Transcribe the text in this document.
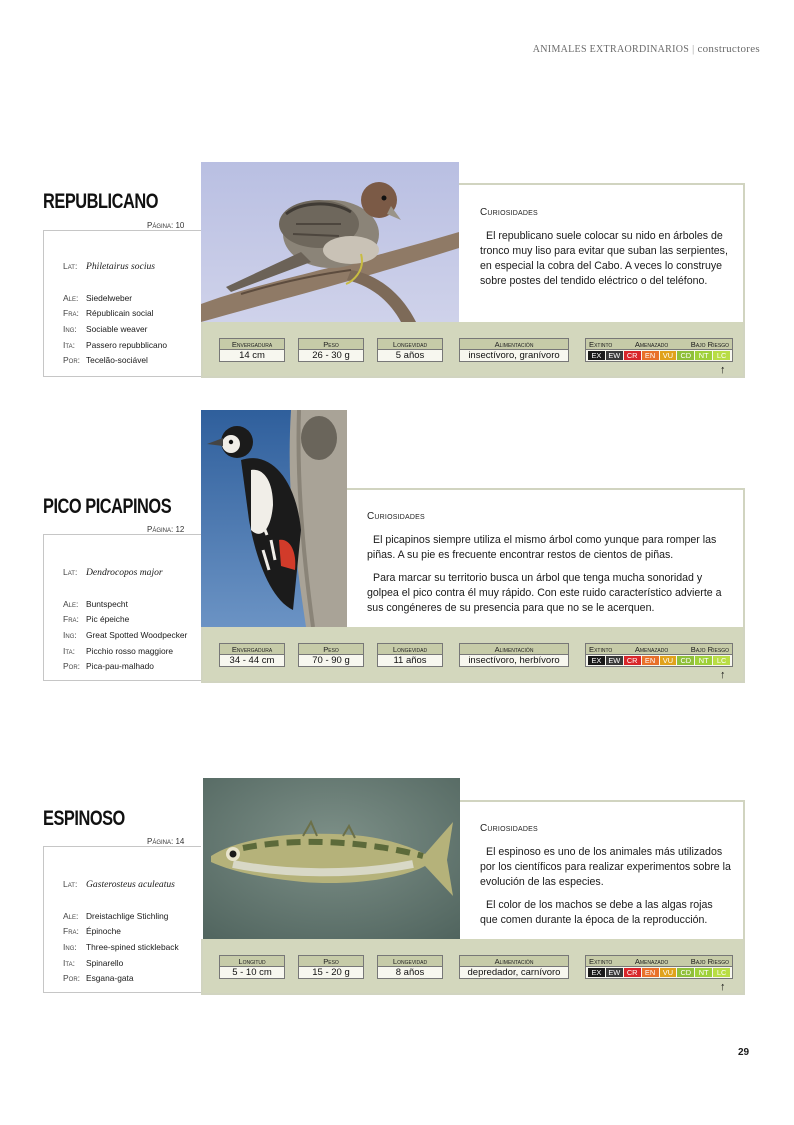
ANIMALES EXTRAORDINARIOS | constructores
REPUBLICANO
Página: 10
Lat: Philetairus socius
Ale: Siedelweber
Fra: Républicain social
Ing:	Sociable weaver
Ita:	Passero repubblicano
Por: Tecelão-sociável
Curiosidades

El republicano suele colocar su nido en árboles de tronco muy liso para evitar que suban las serpientes, en especial la cobra del Cabo. A veces lo construye sobre postes del tendido eléctrico o del teléfono.

Envergadura
14 cm
Peso
26 - 30 g
Longevidad
5 años
Alimentación
insectívoro, granívoro
Extinto	Amenazado	Bajo Riesgo
EX EW CR EN	VU CD	NT	LC
↑
PICO PICAPINOS
Página: 12
Lat: Dendrocopos major
Ale: Buntspecht
Fra: Pic épeiche
Ing:	Great Spotted Woodpecker
Ita:	Picchio rosso maggiore
Por: Pica-pau-malhado
Curiosidades

El picapinos siempre utiliza el mismo árbol como yunque para romper las piñas. A su pie es frecuente encontrar restos de cientos de piñas.

Para marcar su territorio busca un árbol que tenga mucha sonoridad y golpea el pico contra él muy rápido. Con este ruido característico advierte a sus congéneres de su presencia para que no se le acerquen.

Envergadura
34 - 44 cm
Peso
70 - 90 g
Longevidad
11 años
Alimentación
insectívoro, herbívoro
Extinto	Amenazado	Bajo Riesgo
EX EW CR EN	VU CD	NT	LC
↑
ESPINOSO
Página: 14
Lat: Gasterosteus aculeatus
Ale: Dreistachlige Stichling
Fra: Épinoche
Ing:	Three-spined stickleback
Ita:	Spinarello
Por: Esgana-gata
Curiosidades

El espinoso es uno de los animales más utilizados por los científicos para realizar experimentos sobre la evolución de las especies.

El color de los machos se debe a las algas rojas que comen durante la época de la reproducción.

Longitud
5 - 10 cm
Peso
15 - 20 g
Longevidad
8 años
Alimentación
depredador, carnívoro
Extinto	Amenazado	Bajo Riesgo
EX EW CR EN	VU CD	NT	LC
↑
29
